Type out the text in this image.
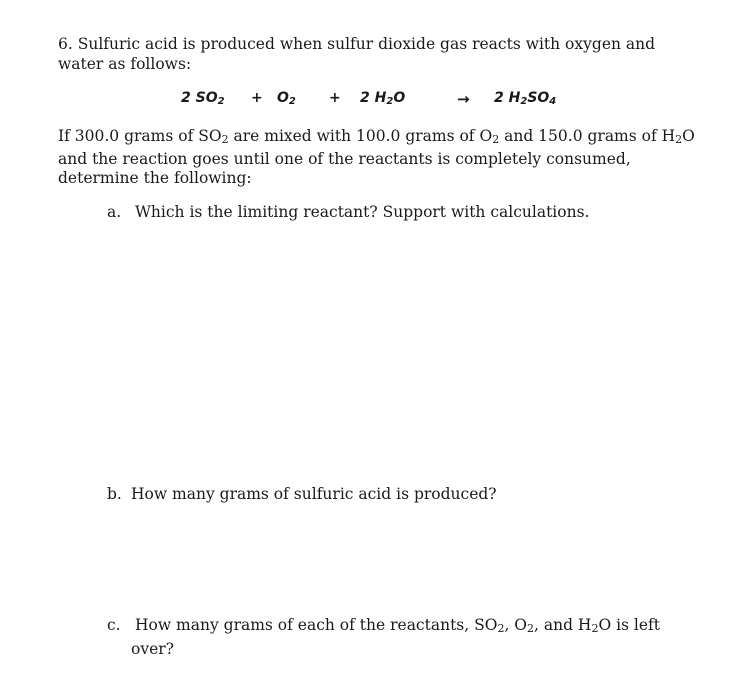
6. Sulfuric acid is produced when sulfur dioxide gas reacts with oxygen and water as follows:

2 $SO_2 + O_2 + 2$ $H_2O$	→ 2 $H_2SO_4$

If 300.0 grams of $SO_2$ are mixed with 100.0 grams of $O_2$ and 150.0 grams of $H_2O$ and the reaction goes until one of the reactants is completely consumed, determine the following:

a. Which is the limiting reactant? Support with calculations.

b. How many grams of sulfuric acid is produced?

c. How many grams of each of the reactants, $SO_2$, $O_2$, and $H_2O$ is left
over?
